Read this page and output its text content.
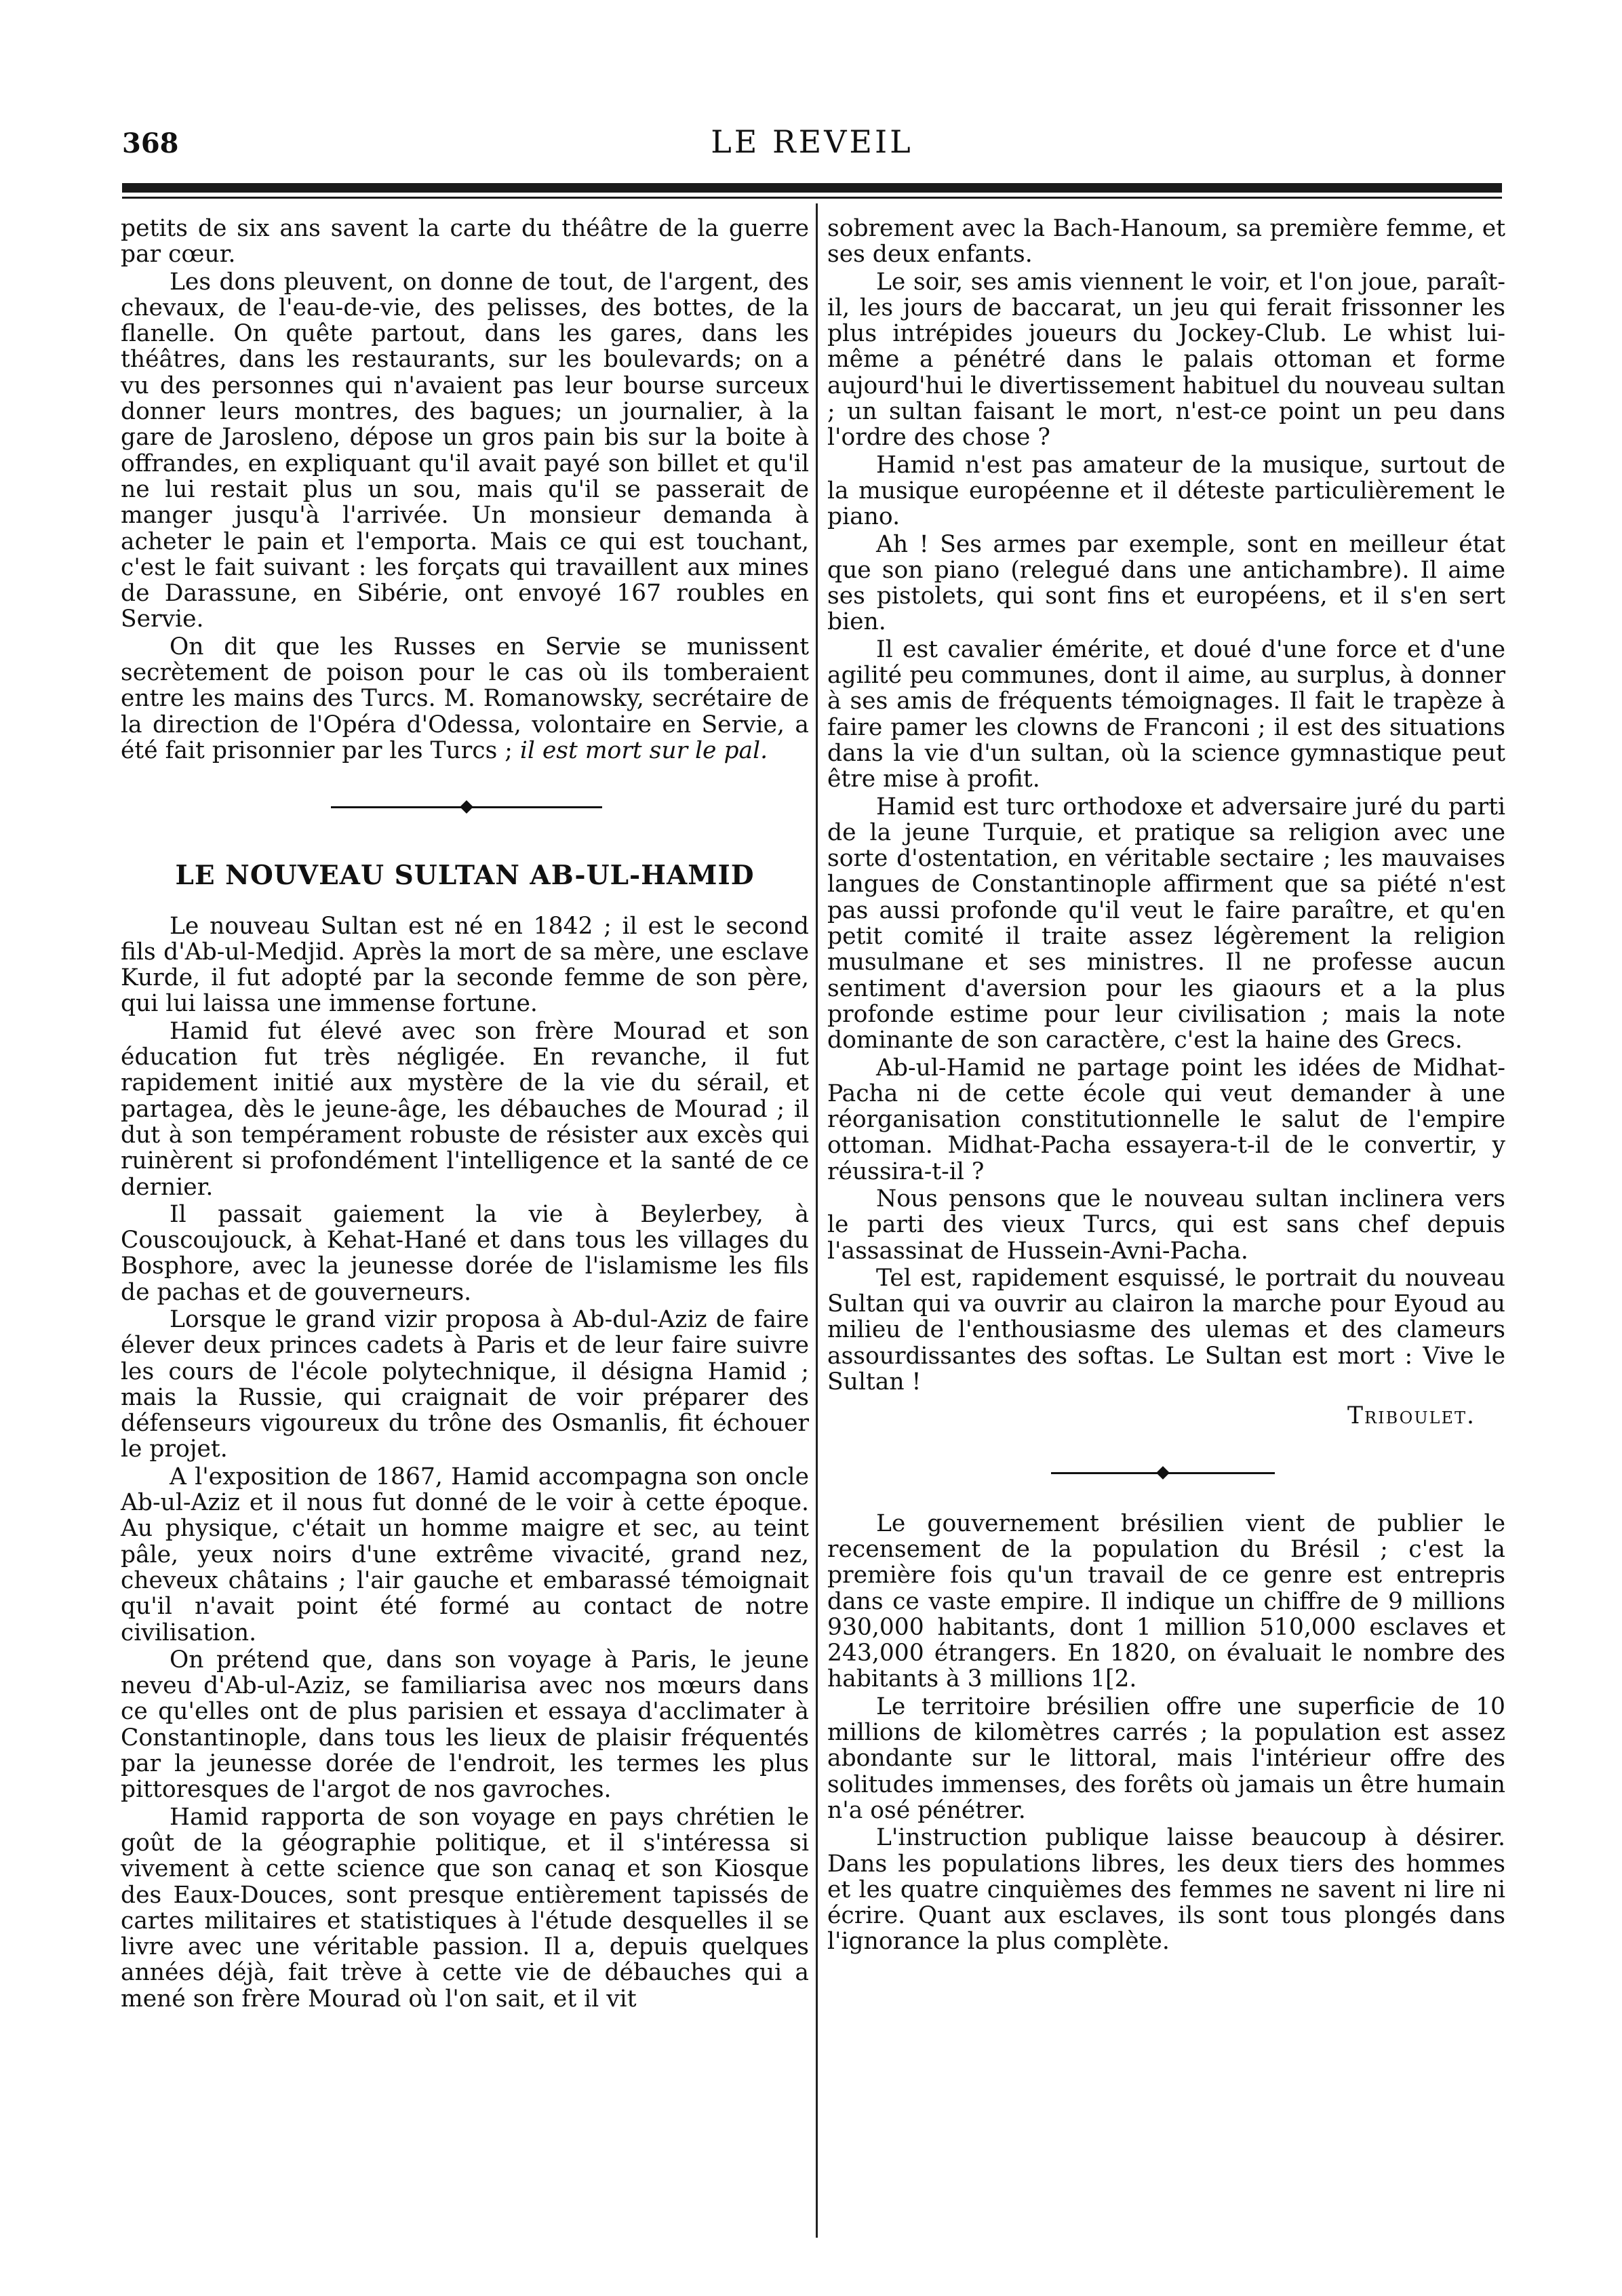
368	LE REVEIL

petits de six ans savent la carte du théâtre de la guerre par cœur.

Les dons pleuvent, on donne de tout, de l'argent, des chevaux, de l'eau-de-vie, des pelisses, des bottes, de la flanelle. On quête partout, dans les gares, dans les théâtres, dans les restaurants, sur les boulevards; on a vu des personnes qui n'avaient pas leur bourse surceux donner leurs montres, des bagues; un journalier, à la gare de Jarosleno, dépose un gros pain bis sur la boite à offrandes, en expliquant qu'il avait payé son billet et qu'il ne lui restait plus un sou, mais qu'il se passerait de manger jusqu'à l'arrivée. Un monsieur demanda à acheter le pain et l'emporta. Mais ce qui est touchant, c'est le fait suivant : les forçats qui travaillent aux mines de Darassune, en Sibérie, ont envoyé 167 roubles en Servie.

On dit que les Russes en Servie se munissent secrètement de poison pour le cas où ils tomberaient entre les mains des Turcs. M. Romanowsky, secrétaire de la direction de l'Opéra d'Odessa, volontaire en Servie, a été fait prisonnier par les Turcs ; il est mort sur le pal.

LE NOUVEAU SULTAN AB-UL-HAMID

Le nouveau Sultan est né en 1842 ; il est le second fils d'Ab-ul-Medjid. Après la mort de sa mère, une esclave Kurde, il fut adopté par la seconde femme de son père, qui lui laissa une immense fortune.

Hamid fut élevé avec son frère Mourad et son éducation fut très négligée. En revanche, il fut rapidement initié aux mystère de la vie du sérail, et partagea, dès le jeune-âge, les débauches de Mourad ; il dut à son tempérament robuste de résister aux excès qui ruinèrent si profondément l'intelligence et la santé de ce dernier.

Il passait gaiement la vie à Beylerbey, à Couscoujouck, à Kehat-Hané et dans tous les villages du Bosphore, avec la jeunesse dorée de l'islamisme les fils de pachas et de gouverneurs.

Lorsque le grand vizir proposa à Ab-dul-Aziz de faire élever deux princes cadets à Paris et de leur faire suivre les cours de l'école polytechnique, il désigna Hamid ; mais la Russie, qui craignait de voir préparer des défenseurs vigoureux du trône des Osmanlis, fit échouer le projet.

A l'exposition de 1867, Hamid accompagna son oncle Ab-ul-Aziz et il nous fut donné de le voir à cette époque. Au physique, c'était un homme maigre et sec, au teint pâle, yeux noirs d'une extrême vivacité, grand nez, cheveux châtains ; l'air gauche et embarassé témoignait qu'il n'avait point été formé au contact de notre civilisation.

On prétend que, dans son voyage à Paris, le jeune neveu d'Ab-ul-Aziz, se familiarisa avec nos mœurs dans ce qu'elles ont de plus parisien et essaya d'acclimater à Constantinople, dans tous les lieux de plaisir fréquentés par la jeunesse dorée de l'endroit, les termes les plus pittoresques de l'argot de nos gavroches.

Hamid rapporta de son voyage en pays chrétien le goût de la géographie politique, et il s'intéressa si vivement à cette science que son canaq et son Kiosque des Eaux-Douces, sont presque entièrement tapissés de cartes militaires et statistiques à l'étude desquelles il se livre avec une véritable passion. Il a, depuis quelques années déjà, fait trève à cette vie de débauches qui a mené son frère Mourad où l'on sait, et il vit

sobrement avec la Bach-Hanoum, sa première femme, et ses deux enfants.

Le soir, ses amis viennent le voir, et l'on joue, paraît-il, les jours de baccarat, un jeu qui ferait frissonner les plus intrépides joueurs du Jockey-Club. Le whist lui-même a pénétré dans le palais ottoman et forme aujourd'hui le divertissement habituel du nouveau sultan ; un sultan faisant le mort, n'est-ce point un peu dans l'ordre des chose ?

Hamid n'est pas amateur de la musique, surtout de la musique européenne et il déteste particulièrement le piano.

Ah ! Ses armes par exemple, sont en meilleur état que son piano (relegué dans une antichambre). Il aime ses pistolets, qui sont fins et européens, et il s'en sert bien.

Il est cavalier émérite, et doué d'une force et d'une agilité peu communes, dont il aime, au surplus, à donner à ses amis de fréquents témoignages. Il fait le trapèze à faire pamer les clowns de Franconi ; il est des situations dans la vie d'un sultan, où la science gymnastique peut être mise à profit.

Hamid est turc orthodoxe et adversaire juré du parti de la jeune Turquie, et pratique sa religion avec une sorte d'ostentation, en véritable sectaire ; les mauvaises langues de Constantinople affirment que sa piété n'est pas aussi profonde qu'il veut le faire paraître, et qu'en petit comité il traite assez légèrement la religion musulmane et ses ministres. Il ne professe aucun sentiment d'aversion pour les giaours et a la plus profonde estime pour leur civilisation ; mais la note dominante de son caractère, c'est la haine des Grecs.

Ab-ul-Hamid ne partage point les idées de Midhat-Pacha ni de cette école qui veut demander à une réorganisation constitutionnelle le salut de l'empire ottoman. Midhat-Pacha essayera-t-il de le convertir, y réussira-t-il ?

Nous pensons que le nouveau sultan inclinera vers le parti des vieux Turcs, qui est sans chef depuis l'assassinat de Hussein-Avni-Pacha.

Tel est, rapidement esquissé, le portrait du nouveau Sultan qui va ouvrir au clairon la marche pour Eyoud au milieu de l'enthousiasme des ulemas et des clameurs assourdissantes des softas. Le Sultan est mort : Vive le Sultan !

Triboulet.

Le gouvernement brésilien vient de publier le recensement de la population du Brésil ; c'est la première fois qu'un travail de ce genre est entrepris dans ce vaste empire. Il indique un chiffre de 9 millions 930,000 habitants, dont 1 million 510,000 esclaves et 243,000 étrangers. En 1820, on évaluait le nombre des habitants à 3 millions 1[2.

Le territoire brésilien offre une superficie de 10 millions de kilomètres carrés ; la population est assez abondante sur le littoral, mais l'intérieur offre des solitudes immenses, des forêts où jamais un être humain n'a osé pénétrer.

L'instruction publique laisse beaucoup à désirer. Dans les populations libres, les deux tiers des hommes et les quatre cinquièmes des femmes ne savent ni lire ni écrire. Quant aux esclaves, ils sont tous plongés dans l'ignorance la plus complète.
